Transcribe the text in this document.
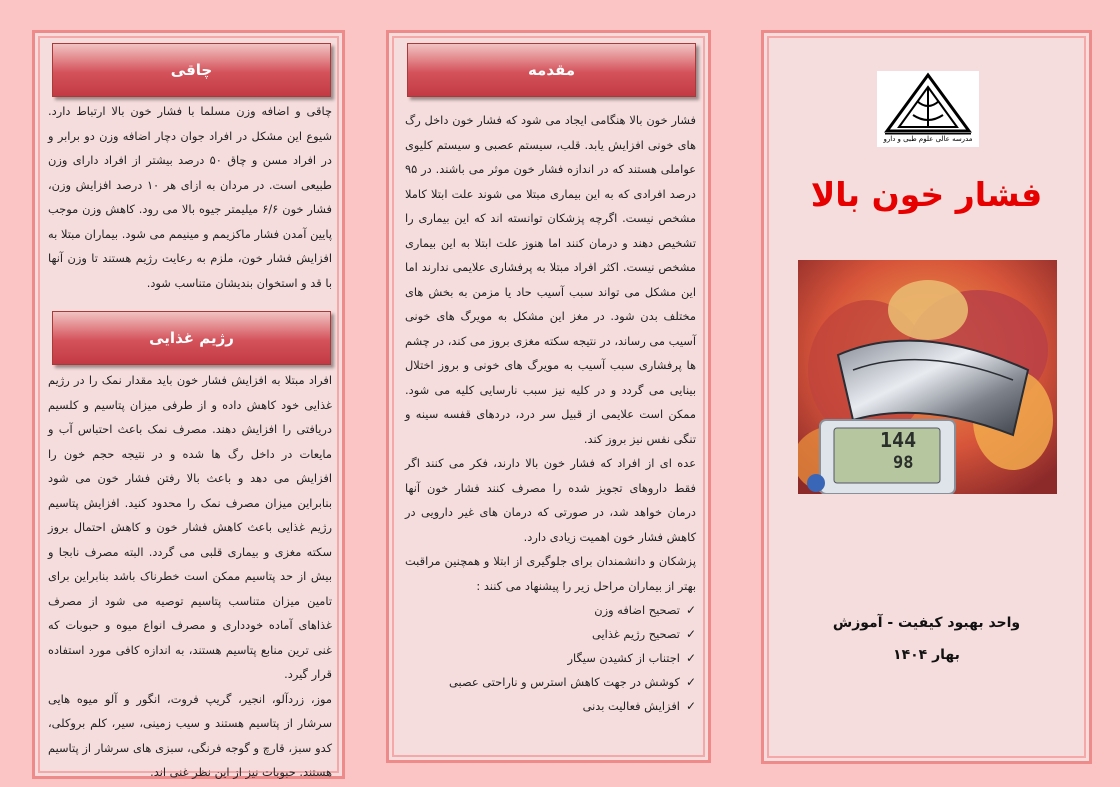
چاقی

چاقی و اضافه وزن مسلما با فشار خون بالا ارتباط دارد. شیوع این مشکل در افراد جوان دچار اضافه وزن دو برابر و در افراد مسن و چاق ۵۰ درصد بیشتر از افراد دارای وزن طبیعی است. در مردان به ازای هر ۱۰ درصد افزایش وزن، فشار خون ۶/۶ میلیمتر جیوه بالا می رود. کاهش وزن موجب پایین آمدن فشار ماکزیمم و مینیمم می شود. بیماران مبتلا به افزایش فشار خون، ملزم به رعایت رژیم هستند تا وزن آنها با قد و استخوان بندیشان متناسب شود.

رژیم غذایی

افراد مبتلا به افزایش فشار خون باید مقدار نمک را در رژیم غذایی خود کاهش داده و از طرفی میزان پتاسیم و کلسیم دریافتی را افزایش دهند. مصرف نمک باعث احتباس آب و مایعات در داخل رگ ها شده و در نتیجه حجم خون را افزایش می دهد و باعث بالا رفتن فشار خون می شود بنابراین میزان مصرف نمک را محدود کنید. افزایش پتاسیم رژیم غذایی باعث کاهش فشار خون و کاهش احتمال بروز سکته مغزی و بیماری قلبی می گردد. البته مصرف نابجا و بیش از حد پتاسیم ممکن است خطرناک باشد بنابراین برای تامین میزان متناسب پتاسیم توصیه می شود از مصرف غذاهای آماده خودداری و مصرف انواع میوه و حبوبات که غنی ترین منابع پتاسیم هستند، به اندازه کافی مورد استفاده قرار گیرد.

موز، زردآلو، انجیر، گریپ فروت، انگور و آلو میوه هایی سرشار از پتاسیم هستند و سیب زمینی، سیر، کلم بروکلی، کدو سبز، قارچ و گوجه فرنگی، سبزی های سرشار از پتاسیم هستند. حبوبات نیز از این نظر غنی اند.

مقدمه

فشار خون بالا هنگامی ایجاد می شود که فشار خون داخل رگ های خونی افزایش یابد. قلب، سیستم عصبی و سیستم کلیوی عواملی هستند که در اندازه فشار خون موثر می باشند. در ۹۵ درصد افرادی که به این بیماری مبتلا می شوند علت ابتلا کاملا مشخص نیست. اگرچه پزشکان توانسته اند که این بیماری را تشخیص دهند و درمان کنند اما هنوز علت ابتلا به این بیماری مشخص نیست. اکثر افراد مبتلا به پرفشاری علایمی ندارند اما این مشکل می تواند سبب آسیب حاد یا مزمن به بخش های مختلف بدن شود. در مغز این مشکل به مویرگ های خونی آسیب می رساند، در نتیجه سکته مغزی بروز می کند، در چشم ها پرفشاری سبب آسیب به مویرگ های خونی و بروز اختلال بینایی می گردد و در کلیه نیز سبب نارسایی کلیه می شود. ممکن است علایمی از قبیل سر درد، دردهای قفسه سینه و تنگی نفس نیز بروز کند.

عده ای از افراد که فشار خون بالا دارند، فکر می کنند اگر فقط داروهای تجویز شده را مصرف کنند فشار خون آنها درمان خواهد شد، در صورتی که درمان های غیر دارویی در کاهش فشار خون اهمیت زیادی دارد.

پزشکان و دانشمندان برای جلوگیری از ابتلا و همچنین مراقبت بهتر از بیماران مراحل زیر را پیشنهاد می کنند :

✓تصحیح اضافه وزن
✓تصحیح رژیم غذایی
✓اجتناب از کشیدن سیگار
✓کوشش در جهت کاهش استرس و ناراحتی عصبی
✓افزایش فعالیت بدنی
مدرسه عالی علوم طبی و دارو
فشار خون بالا
144
98
واحد بهبود کیفیت - آموزش
بهار ۱۴۰۴
